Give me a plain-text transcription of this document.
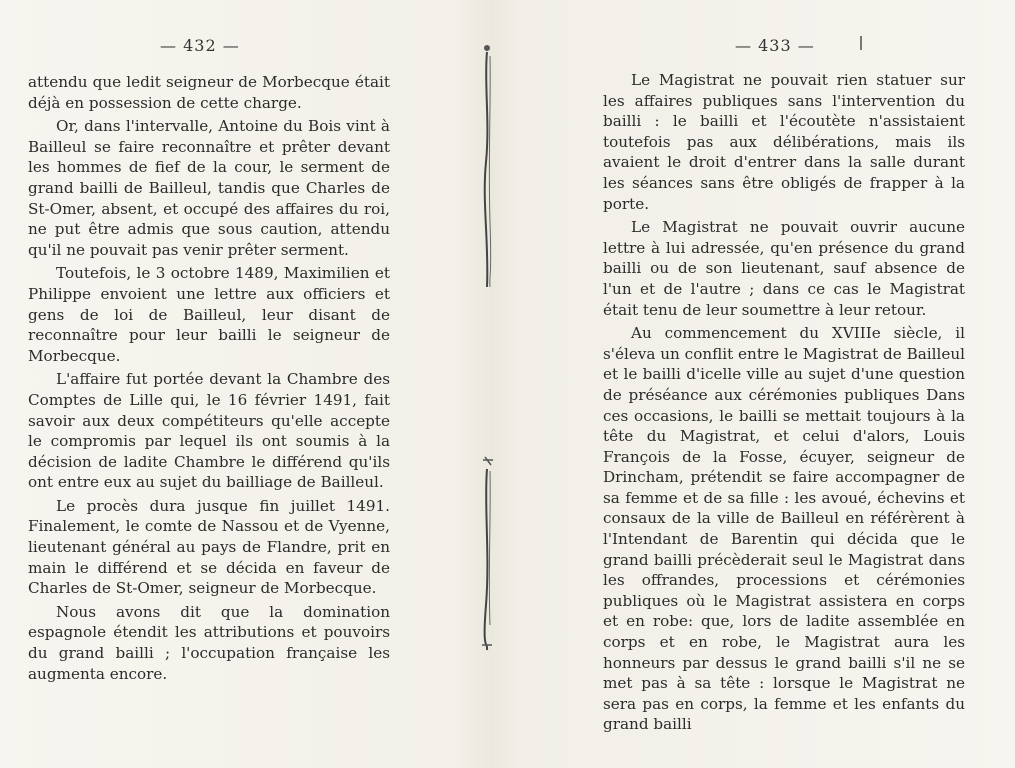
— 432 —	— 433 —

attendu que ledit seigneur de Morbecque était déjà en possession de cette charge.

Or, dans l'intervalle, Antoine du Bois vint à Bailleul se faire reconnaître et prêter devant les hommes de fief de la cour, le serment de grand bailli de Bailleul, tandis que Charles de St-Omer, absent, et occupé des affaires du roi, ne put être admis que sous caution, attendu qu'il ne pouvait pas venir prêter serment.

Toutefois, le 3 octobre 1489, Maximilien et Philippe envoient une lettre aux officiers et gens de loi de Bailleul, leur disant de reconnaître pour leur bailli le seigneur de Morbecque.

L'affaire fut portée devant la Chambre des Comptes de Lille qui, le 16 février 1491, fait savoir aux deux compétiteurs qu'elle accepte le compromis par lequel ils ont soumis à la décision de ladite Chambre le différend qu'ils ont entre eux au sujet du bailliage de Bailleul.

Le procès dura jusque fin juillet 1491. Finalement, le comte de Nassou et de Vyenne, lieutenant général au pays de Flandre, prit en main le différend et se décida en faveur de Charles de St-Omer, seigneur de Morbecque.

Nous avons dit que la domination espagnole étendit les attributions et pouvoirs du grand bailli ; l'occupation française les augmenta encore.

Le Magistrat ne pouvait rien statuer sur les affaires publiques sans l'intervention du bailli : le bailli et l'écoutète n'assistaient toutefois pas aux délibérations, mais ils avaient le droit d'entrer dans la salle durant les séances sans être obligés de frapper à la porte.

Le Magistrat ne pouvait ouvrir aucune lettre à lui adressée, qu'en présence du grand bailli ou de son lieutenant, sauf absence de l'un et de l'autre ; dans ce cas le Magistrat était tenu de leur soumettre à leur retour.

Au commencement du XVIIIe siècle, il s'éleva un conflit entre le Magistrat de Bailleul et le bailli d'icelle ville au sujet d'une question de préséance aux cérémonies publiques Dans ces occasions, le bailli se mettait toujours à la tête du Magistrat, et celui d'alors, Louis François de la Fosse, écuyer, seigneur de Drincham, prétendit se faire accompagner de sa femme et de sa fille : les avoué, échevins et consaux de la ville de Bailleul en référèrent à l'Intendant de Barentin qui décida que le grand bailli précèderait seul le Magistrat dans les offrandes, processions et cérémonies publiques où le Magistrat assistera en corps et en robe: que, lors de ladite assemblée en corps et en robe, le Magistrat aura les honneurs par dessus le grand bailli s'il ne se met pas à sa tête : lorsque le Magistrat ne sera pas en corps, la femme et les enfants du grand bailli
